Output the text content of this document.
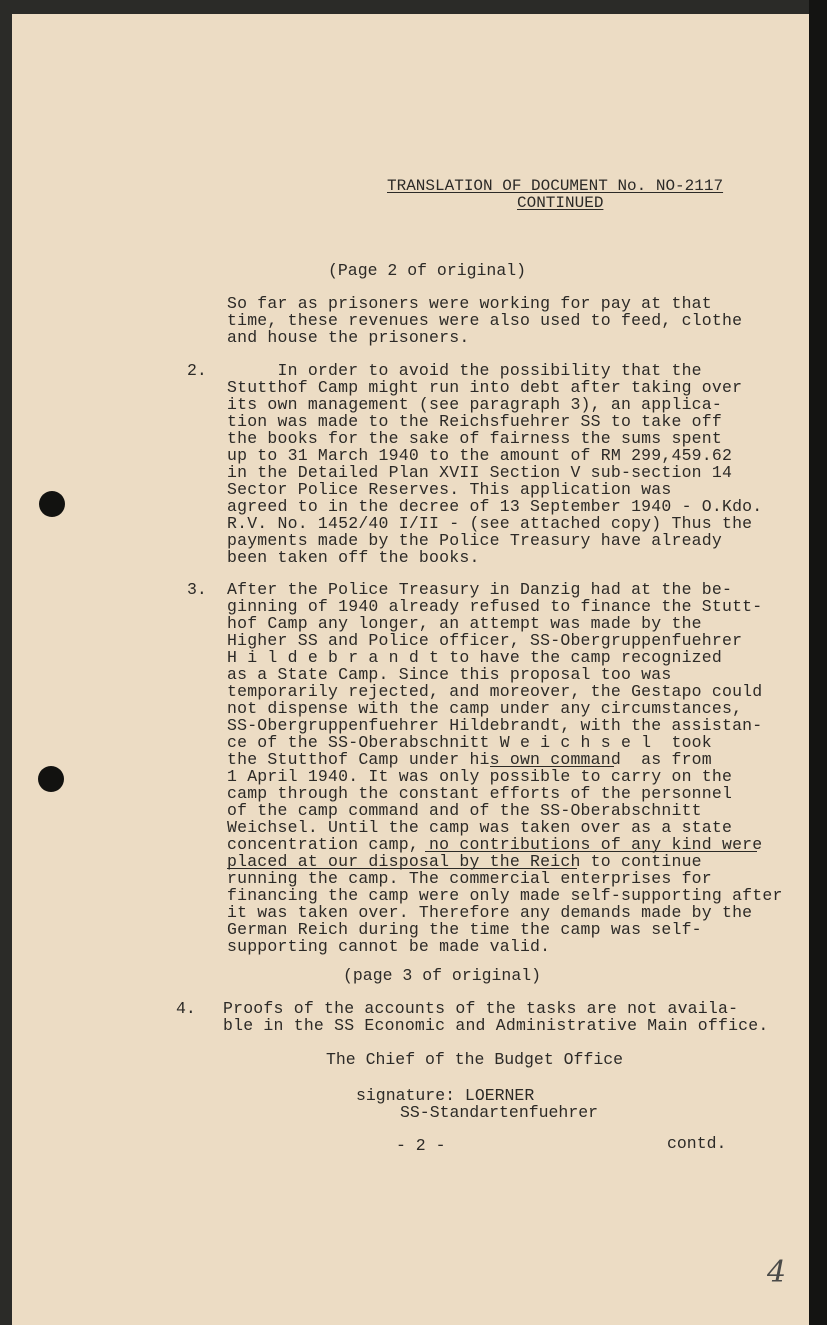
TRANSLATION OF DOCUMENT No. NO-2117
CONTINUED
(Page 2 of original)
So far as prisoners were working for pay at that
time, these revenues were also used to feed, clothe
and house the prisoners.
2. In order to avoid the possibility that the
Stutthof Camp might run into debt after taking over
its own management (see paragraph 3), an applica-
tion was made to the Reichsfuehrer SS to take off
the books for the sake of fairness the sums spent
up to 31 March 1940 to the amount of RM 299,459.62
in the Detailed Plan XVII Section V sub-section 14
Sector Police Reserves. This application was
agreed to in the decree of 13 September 1940 - O.Kdo.
R.V. No. 1452/40 I/II - (see attached copy) Thus the
payments made by the Police Treasury have already
been taken off the books.
3. After the Police Treasury in Danzig had at the be-
ginning of 1940 already refused to finance the Stutt-
hof Camp any longer, an attempt was made by the
Higher SS and Police officer, SS-Obergruppenfuehrer
H i l d e b r a n d t to have the camp recognized
as a State Camp. Since this proposal too was
temporarily rejected, and moreover, the Gestapo could
not dispense with the camp under any circumstances,
SS-Obergruppenfuehrer Hildebrandt, with the assistan-
ce of the SS-Oberabschnitt W e i c h s e l  took
the Stutthof Camp under his own command  as from
1 April 1940. It was only possible to carry on the
camp through the constant efforts of the personnel
of the camp command and of the SS-Oberabschnitt
Weichsel. Until the camp was taken over as a state
concentration camp, no contributions of any kind were
placed at our disposal by the Reich to continue
running the camp. The commercial enterprises for
financing the camp were only made self-supporting after
it was taken over. Therefore any demands made by the
German Reich during the time the camp was self-
supporting cannot be made valid.
(page 3 of original)
4. Proofs of the accounts of the tasks are not availa-
ble in the SS Economic and Administrative Main office.
The Chief of the Budget Office
signature: LOERNER
SS-Standartenfuehrer
- 2 -	contd.
4
